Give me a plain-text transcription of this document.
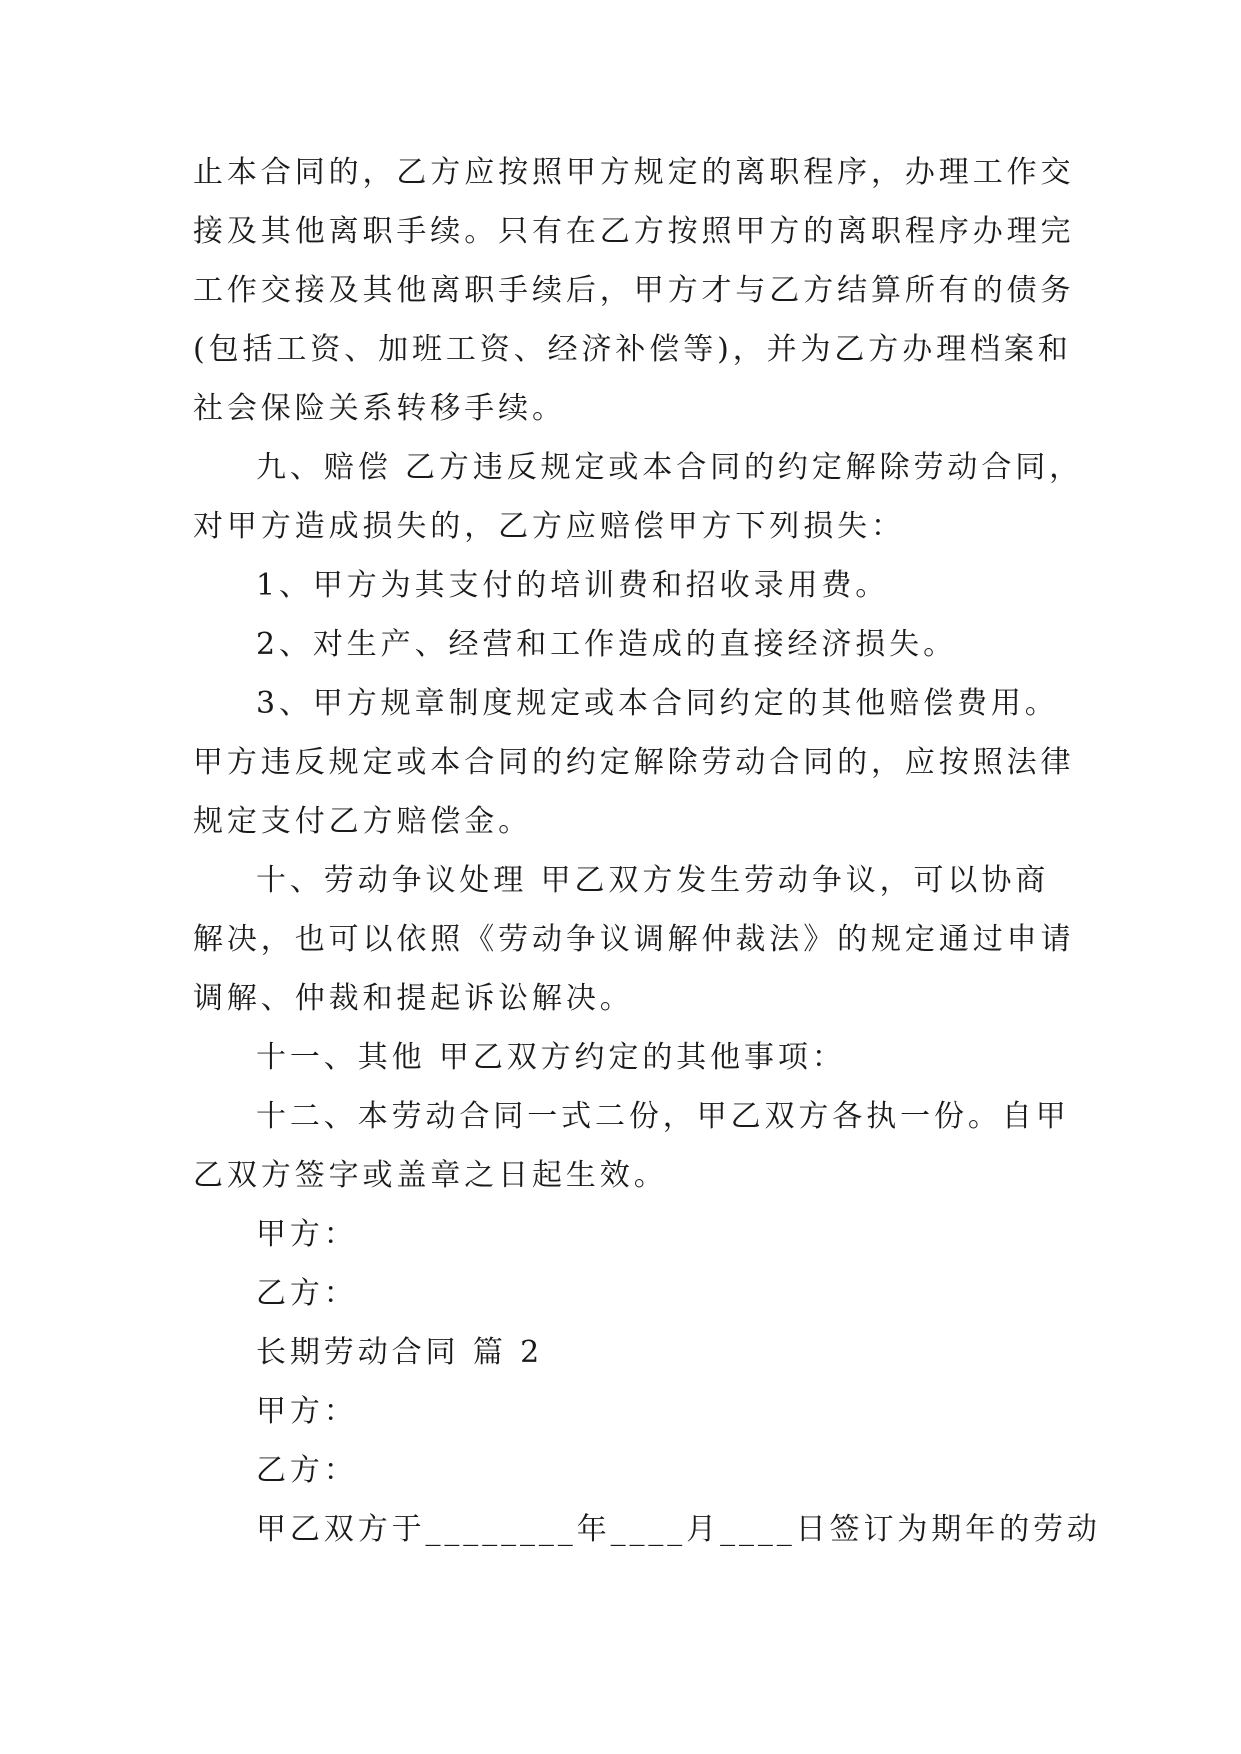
止本合同的，乙方应按照甲方规定的离职程序，办理工作交
接及其他离职手续。只有在乙方按照甲方的离职程序办理完
工作交接及其他离职手续后，甲方才与乙方结算所有的债务
(包括工资、加班工资、经济补偿等)，并为乙方办理档案和
社会保险关系转移手续。
九、赔偿 乙方违反规定或本合同的约定解除劳动合同，
对甲方造成损失的，乙方应赔偿甲方下列损失：
1、甲方为其支付的培训费和招收录用费。
2、对生产、经营和工作造成的直接经济损失。
3、甲方规章制度规定或本合同约定的其他赔偿费用。
甲方违反规定或本合同的约定解除劳动合同的，应按照法律
规定支付乙方赔偿金。
十、劳动争议处理 甲乙双方发生劳动争议，可以协商
解决，也可以依照《劳动争议调解仲裁法》的规定通过申请
调解、仲裁和提起诉讼解决。
十一、其他 甲乙双方约定的其他事项：
十二、本劳动合同一式二份，甲乙双方各执一份。自甲
乙双方签字或盖章之日起生效。
甲方：
乙方：
长期劳动合同 篇 2
甲方：
乙方：
甲乙双方于________年____月____日签订为期年的劳动
